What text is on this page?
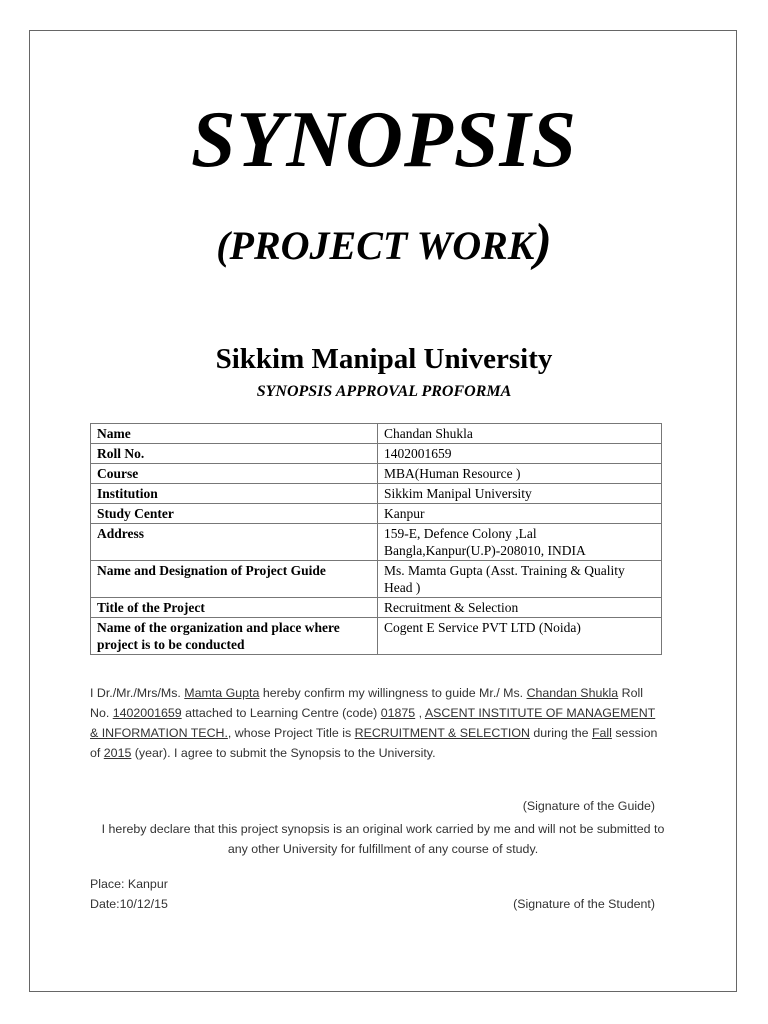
SYNOPSIS
(PROJECT WORK)
Sikkim Manipal University
SYNOPSIS APPROVAL PROFORMA
Name	Chandan Shukla
Roll No.	1402001659
Course	MBA(Human Resource )
Institution	Sikkim Manipal University
Study Center	Kanpur
Address	159-E, Defence Colony ,Lal Bangla,Kanpur(U.P)-208010, INDIA
Name and Designation of Project Guide	Ms. Mamta Gupta (Asst. Training & Quality Head )
Title of the Project	Recruitment & Selection
Name of the organization and place where project is to be conducted	Cogent E Service PVT LTD (Noida)
I Dr./Mr./Mrs/Ms. Mamta Gupta hereby confirm my willingness to guide Mr./ Ms. Chandan Shukla Roll No. 1402001659 attached to Learning Centre (code) 01875 , ASCENT INSTITUTE OF MANAGEMENT & INFORMATION TECH., whose Project Title is RECRUITMENT & SELECTION during the Fall session of 2015 (year). I agree to submit the Synopsis to the University.
(Signature of the Guide)
I hereby declare that this project synopsis is an original work carried by me and will not be submitted to any other University for fulfillment of any course of study.
Place: Kanpur
Date:10/12/15	(Signature of the Student)
